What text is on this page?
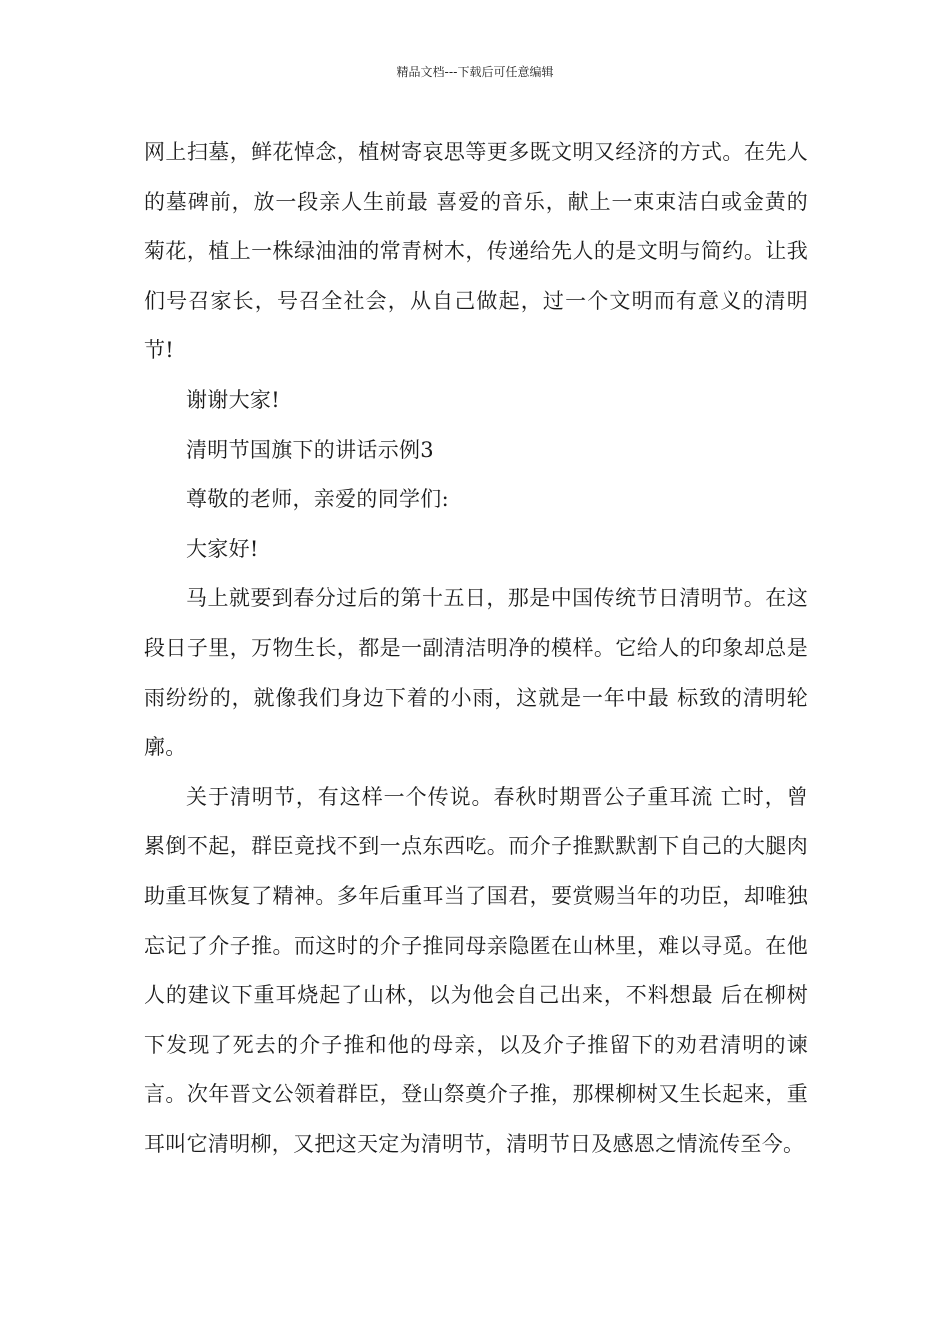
精品文档---下载后可任意编辑

网上扫墓，鲜花悼念，植树寄哀思等更多既文明又经济的方式。在先人的墓碑前，放一段亲人生前最 喜爱的音乐，献上一束束洁白或金黄的菊花，植上一株绿油油的常青树木，传递给先人的是文明与简约。让我们号召家长，号召全社会，从自己做起，过一个文明而有意义的清明节!

谢谢大家!

清明节国旗下的讲话示例3

尊敬的老师，亲爱的同学们:

大家好!

马上就要到春分过后的第十五日，那是中国传统节日清明节。在这段日子里，万物生长，都是一副清洁明净的模样。它给人的印象却总是雨纷纷的，就像我们身边下着的小雨，这就是一年中最 标致的清明轮廓。

关于清明节，有这样一个传说。春秋时期晋公子重耳流 亡时，曾累倒不起，群臣竟找不到一点东西吃。而介子推默默割下自己的大腿肉助重耳恢复了精神。多年后重耳当了国君，要赏赐当年的功臣，却唯独忘记了介子推。而这时的介子推同母亲隐匿在山林里，难以寻觅。在他人的建议下重耳烧起了山林，以为他会自己出来，不料想最 后在柳树下发现了死去的介子推和他的母亲，以及介子推留下的劝君清明的谏言。次年晋文公领着群臣，登山祭奠介子推，那棵柳树又生长起来，重耳叫它清明柳，又把这天定为清明节，清明节日及感恩之情流传至今。
